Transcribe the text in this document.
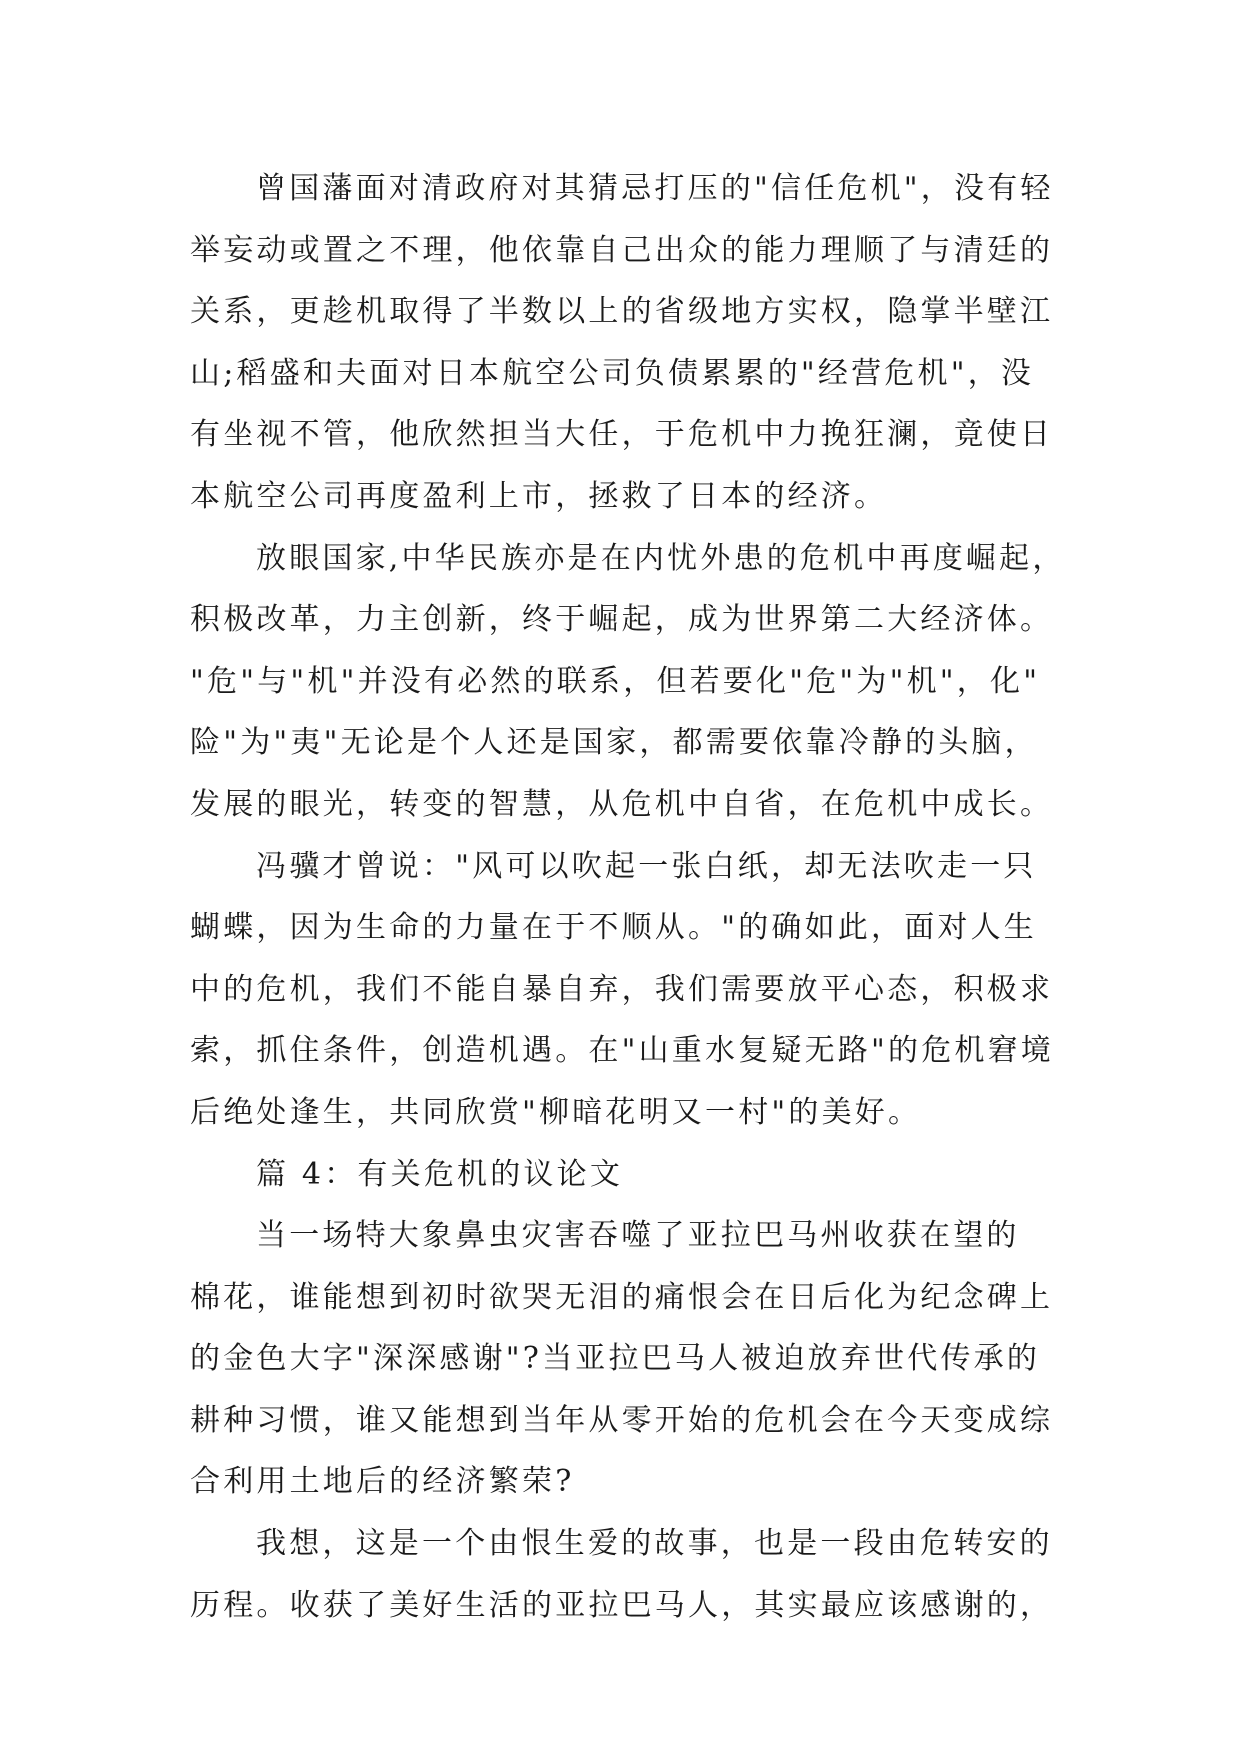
曾国藩面对清政府对其猜忌打压的"信任危机"，没有轻
举妄动或置之不理，他依靠自己出众的能力理顺了与清廷的
关系，更趁机取得了半数以上的省级地方实权，隐掌半壁江
山;稻盛和夫面对日本航空公司负债累累的"经营危机"，没
有坐视不管，他欣然担当大任，于危机中力挽狂澜，竟使日
本航空公司再度盈利上市，拯救了日本的经济。
放眼国家,中华民族亦是在内忧外患的危机中再度崛起，
积极改革，力主创新，终于崛起，成为世界第二大经济体。
"危"与"机"并没有必然的联系，但若要化"危"为"机"，化"
险"为"夷"无论是个人还是国家，都需要依靠冷静的头脑，
发展的眼光，转变的智慧，从危机中自省，在危机中成长。
冯骥才曾说："风可以吹起一张白纸，却无法吹走一只
蝴蝶，因为生命的力量在于不顺从。"的确如此，面对人生
中的危机，我们不能自暴自弃，我们需要放平心态，积极求
索，抓住条件，创造机遇。在"山重水复疑无路"的危机窘境
后绝处逢生，共同欣赏"柳暗花明又一村"的美好。
篇 4：有关危机的议论文
当一场特大象鼻虫灾害吞噬了亚拉巴马州收获在望的
棉花，谁能想到初时欲哭无泪的痛恨会在日后化为纪念碑上
的金色大字"深深感谢"?当亚拉巴马人被迫放弃世代传承的
耕种习惯，谁又能想到当年从零开始的危机会在今天变成综
合利用土地后的经济繁荣?
我想，这是一个由恨生爱的故事，也是一段由危转安的
历程。收获了美好生活的亚拉巴马人，其实最应该感谢的，
